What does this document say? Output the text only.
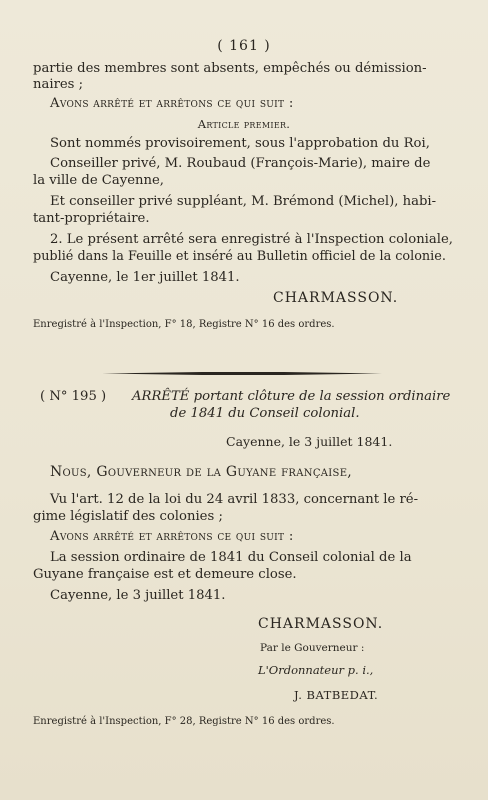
( 161 )
partie des membres sont absents, empêchés ou démission-
naires ;
Avons arrêté et arrêtons ce qui suit :
Article premier.
Sont nommés provisoirement, sous l'approbation du Roi,
Conseiller privé, M. Roubaud (François-Marie), maire de
la ville de Cayenne,
Et conseiller privé suppléant, M. Brémond (Michel), habi-
tant-propriétaire.
2. Le présent arrêté sera enregistré à l'Inspection coloniale,
publié dans la Feuille et inséré au Bulletin officiel de la colonie.
Cayenne, le 1er juillet 1841.
CHARMASSON.
Enregistré à l'Inspection, F° 18, Registre N° 16 des ordres.
( N° 195 ) ARRÊTÉ portant clôture de la session ordinaire
de 1841 du Conseil colonial.
Cayenne, le 3 juillet 1841.
Nous, Gouverneur de la Guyane française,
Vu l'art. 12 de la loi du 24 avril 1833, concernant le ré-
gime législatif des colonies ;
Avons arrêté et arrêtons ce qui suit :
La session ordinaire de 1841 du Conseil colonial de la
Guyane française est et demeure close.
Cayenne, le 3 juillet 1841.
CHARMASSON.
Par le Gouverneur :
L'Ordonnateur p. i.,
J. BATBEDAT.
Enregistré à l'Inspection, F° 28, Registre N° 16 des ordres.
